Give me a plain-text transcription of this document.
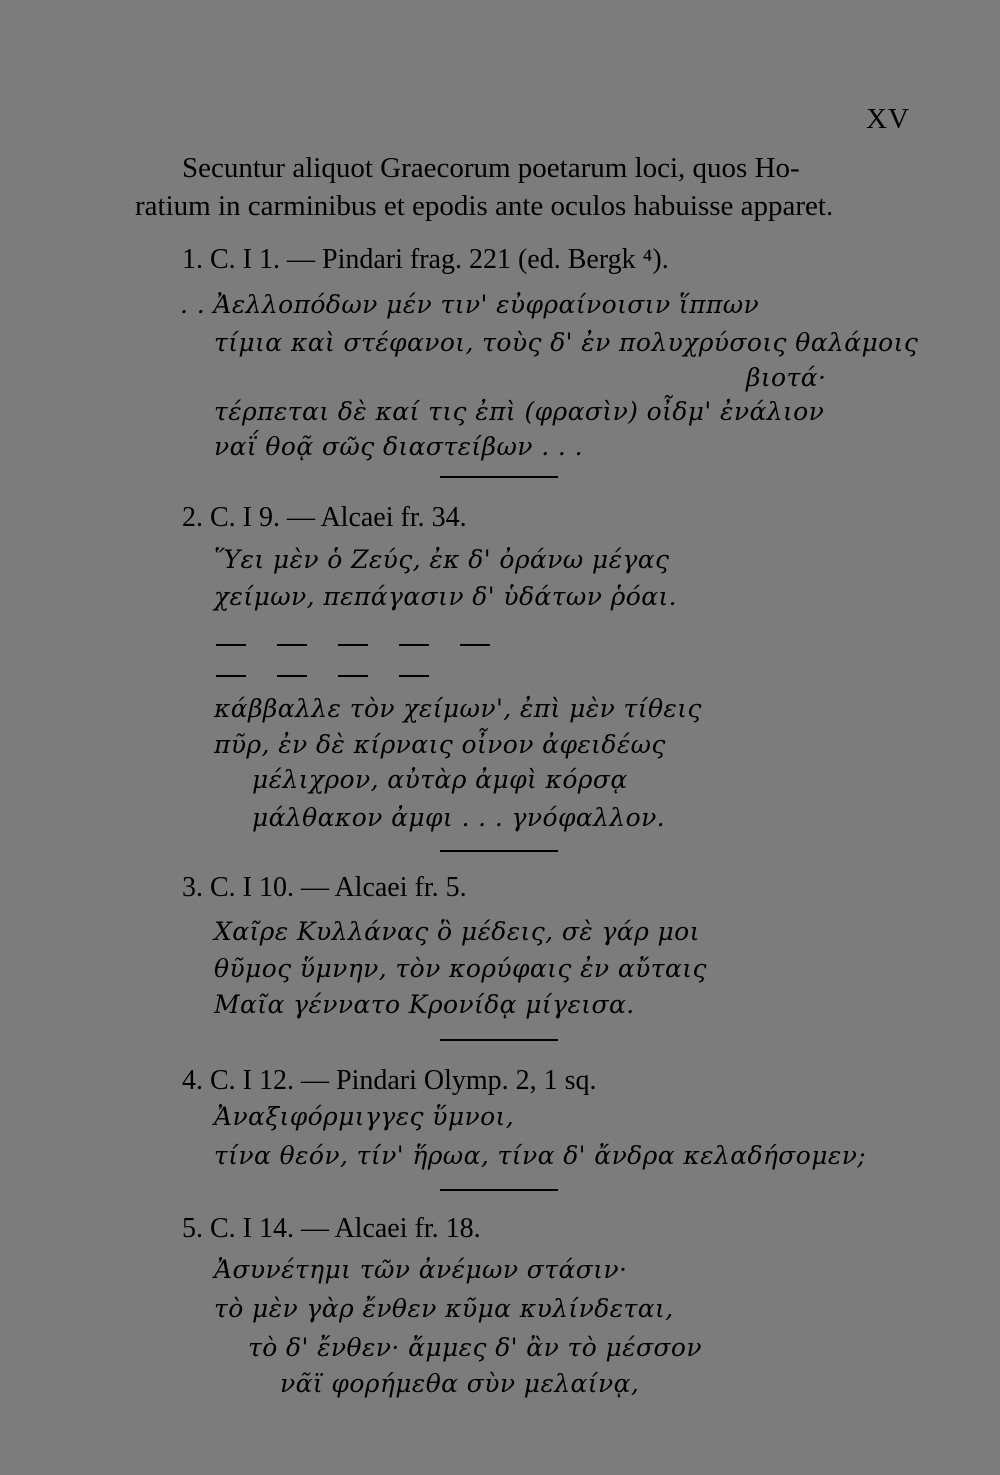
XV
Secuntur aliquot Graecorum poetarum loci, quos Ho-
ratium in carminibus et epodis ante oculos habuisse apparet.
1. C. I 1. — Pindari frag. 221 (ed. Bergk ⁴).
. . Ἀελλοπόδων μέν τιν' εὐφραίνοισιν ἵππων
τίμια καὶ στέφανοι, τοὺς δ' ἐν πολυχρύσοις θαλάμοις
βιοτά·
τέρπεται δὲ καί τις ἐπὶ (φρασὶν) οἶδμ' ἐνάλιον
ναΐ θοᾷ σῶς διαστείβων . . .
2. C. I 9. — Alcaei fr. 34.
Ὕει μὲν ὁ Ζεύς, ἐκ δ' ὀράνω μέγας
χείμων, πεπάγασιν δ' ὑδάτων ῥόαι.
κάββαλλε τὸν χείμων', ἐπὶ μὲν τίθεις
πῦρ, ἐν δὲ κίρναις οἶνον ἀφειδέως
μέλιχρον, αὐτὰρ ἀμφὶ κόρσᾳ
μάλθακον ἀμφι . . . γνόφαλλον.
3. C. I 10. — Alcaei fr. 5.
Χαῖρε Κυλλάνας ὃ μέδεις, σὲ γάρ μοι
θῦμος ὕμνην, τὸν κορύφαις ἐν αὔταις
Μαῖα γέννατο Κρονίδᾳ μίγεισα.
4. C. I 12. — Pindari Olymp. 2, 1 sq.
Ἀναξιφόρμιγγες ὕμνοι,
τίνα θεόν, τίν' ἥρωα, τίνα δ' ἄνδρα κελαδήσομεν;
5. C. I 14. — Alcaei fr. 18.
Ἀσυνέτημι τῶν ἀνέμων στάσιν·
τὸ μὲν γὰρ ἔνθεν κῦμα κυλίνδεται,
τὸ δ' ἔνθεν· ἄμμες δ' ἂν τὸ μέσσον
νᾶϊ φορήμεθα σὺν μελαίνᾳ,
